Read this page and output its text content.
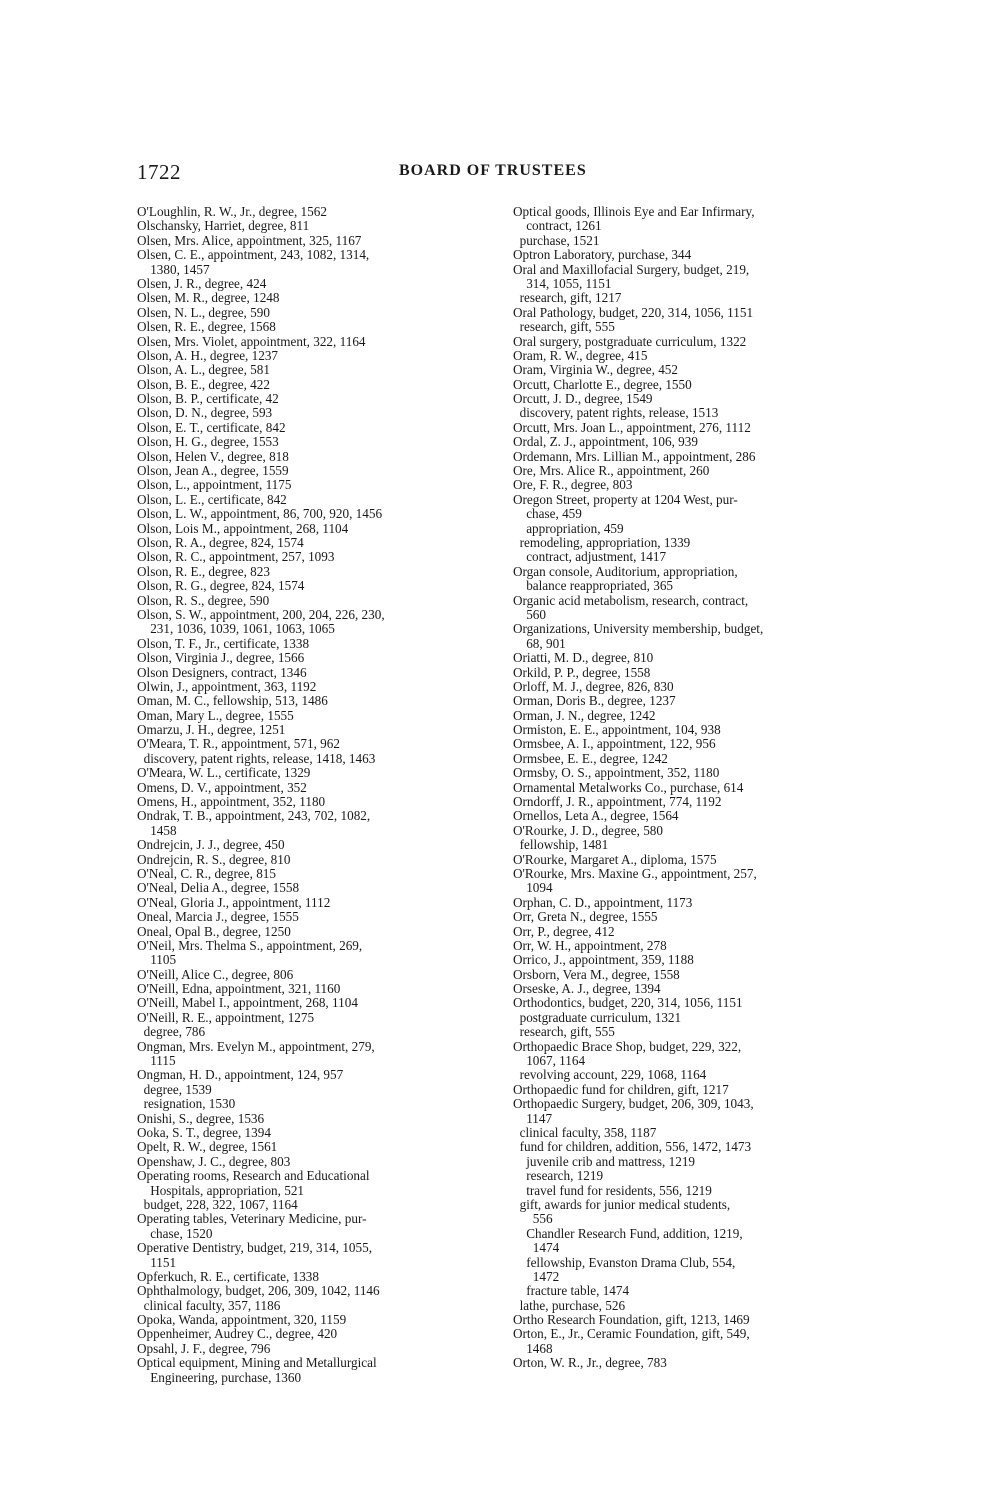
1722	BOARD OF TRUSTEES
O'Loughlin, R. W., Jr., degree, 1562
Olschansky, Harriet, degree, 811
Olsen, Mrs. Alice, appointment, 325, 1167
Olsen, C. E., appointment, 243, 1082, 1314,
1380, 1457
Olsen, J. R., degree, 424
Olsen, M. R., degree, 1248
Olsen, N. L., degree, 590
Olsen, R. E., degree, 1568
Olsen, Mrs. Violet, appointment, 322, 1164
Olson, A. H., degree, 1237
Olson, A. L., degree, 581
Olson, B. E., degree, 422
Olson, B. P., certificate, 42
Olson, D. N., degree, 593
Olson, E. T., certificate, 842
Olson, H. G., degree, 1553
Olson, Helen V., degree, 818
Olson, Jean A., degree, 1559
Olson, L., appointment, 1175
Olson, L. E., certificate, 842
Olson, L. W., appointment, 86, 700, 920, 1456
Olson, Lois M., appointment, 268, 1104
Olson, R. A., degree, 824, 1574
Olson, R. C., appointment, 257, 1093
Olson, R. E., degree, 823
Olson, R. G., degree, 824, 1574
Olson, R. S., degree, 590
Olson, S. W., appointment, 200, 204, 226, 230,
231, 1036, 1039, 1061, 1063, 1065
Olson, T. F., Jr., certificate, 1338
Olson, Virginia J., degree, 1566
Olson Designers, contract, 1346
Olwin, J., appointment, 363, 1192
Oman, M. C., fellowship, 513, 1486
Oman, Mary L., degree, 1555
Omarzu, J. H., degree, 1251
O'Meara, T. R., appointment, 571, 962
discovery, patent rights, release, 1418, 1463
O'Meara, W. L., certificate, 1329
Omens, D. V., appointment, 352
Omens, H., appointment, 352, 1180
Ondrak, T. B., appointment, 243, 702, 1082,
1458
Ondrejcin, J. J., degree, 450
Ondrejcin, R. S., degree, 810
O'Neal, C. R., degree, 815
O'Neal, Delia A., degree, 1558
O'Neal, Gloria J., appointment, 1112
Oneal, Marcia J., degree, 1555
Oneal, Opal B., degree, 1250
O'Neil, Mrs. Thelma S., appointment, 269,
1105
O'Neill, Alice C., degree, 806
O'Neill, Edna, appointment, 321, 1160
O'Neill, Mabel I., appointment, 268, 1104
O'Neill, R. E., appointment, 1275
degree, 786
Ongman, Mrs. Evelyn M., appointment, 279,
1115
Ongman, H. D., appointment, 124, 957
degree, 1539
resignation, 1530
Onishi, S., degree, 1536
Ooka, S. T., degree, 1394
Opelt, R. W., degree, 1561
Openshaw, J. C., degree, 803
Operating rooms, Research and Educational
Hospitals, appropriation, 521
budget, 228, 322, 1067, 1164
Operating tables, Veterinary Medicine, pur-
chase, 1520
Operative Dentistry, budget, 219, 314, 1055,
1151
Opferkuch, R. E., certificate, 1338
Ophthalmology, budget, 206, 309, 1042, 1146
clinical faculty, 357, 1186
Opoka, Wanda, appointment, 320, 1159
Oppenheimer, Audrey C., degree, 420
Opsahl, J. F., degree, 796
Optical equipment, Mining and Metallurgical
Engineering, purchase, 1360
Optical goods, Illinois Eye and Ear Infirmary,
contract, 1261
purchase, 1521
Optron Laboratory, purchase, 344
Oral and Maxillofacial Surgery, budget, 219,
314, 1055, 1151
research, gift, 1217
Oral Pathology, budget, 220, 314, 1056, 1151
research, gift, 555
Oral surgery, postgraduate curriculum, 1322
Oram, R. W., degree, 415
Oram, Virginia W., degree, 452
Orcutt, Charlotte E., degree, 1550
Orcutt, J. D., degree, 1549
discovery, patent rights, release, 1513
Orcutt, Mrs. Joan L., appointment, 276, 1112
Ordal, Z. J., appointment, 106, 939
Ordemann, Mrs. Lillian M., appointment, 286
Ore, Mrs. Alice R., appointment, 260
Ore, F. R., degree, 803
Oregon Street, property at 1204 West, pur-
chase, 459
appropriation, 459
remodeling, appropriation, 1339
contract, adjustment, 1417
Organ console, Auditorium, appropriation,
balance reappropriated, 365
Organic acid metabolism, research, contract,
560
Organizations, University membership, budget,
68, 901
Oriatti, M. D., degree, 810
Orkild, P. P., degree, 1558
Orloff, M. J., degree, 826, 830
Orman, Doris B., degree, 1237
Orman, J. N., degree, 1242
Ormiston, E. E., appointment, 104, 938
Ormsbee, A. I., appointment, 122, 956
Ormsbee, E. E., degree, 1242
Ormsby, O. S., appointment, 352, 1180
Ornamental Metalworks Co., purchase, 614
Orndorff, J. R., appointment, 774, 1192
Ornellos, Leta A., degree, 1564
O'Rourke, J. D., degree, 580
fellowship, 1481
O'Rourke, Margaret A., diploma, 1575
O'Rourke, Mrs. Maxine G., appointment, 257,
1094
Orphan, C. D., appointment, 1173
Orr, Greta N., degree, 1555
Orr, P., degree, 412
Orr, W. H., appointment, 278
Orrico, J., appointment, 359, 1188
Orsborn, Vera M., degree, 1558
Orseske, A. J., degree, 1394
Orthodontics, budget, 220, 314, 1056, 1151
postgraduate curriculum, 1321
research, gift, 555
Orthopaedic Brace Shop, budget, 229, 322,
1067, 1164
revolving account, 229, 1068, 1164
Orthopaedic fund for children, gift, 1217
Orthopaedic Surgery, budget, 206, 309, 1043,
1147
clinical faculty, 358, 1187
fund for children, addition, 556, 1472, 1473
juvenile crib and mattress, 1219
research, 1219
travel fund for residents, 556, 1219
gift, awards for junior medical students,
556
Chandler Research Fund, addition, 1219,
1474
fellowship, Evanston Drama Club, 554,
1472
fracture table, 1474
lathe, purchase, 526
Ortho Research Foundation, gift, 1213, 1469
Orton, E., Jr., Ceramic Foundation, gift, 549,
1468
Orton, W. R., Jr., degree, 783
